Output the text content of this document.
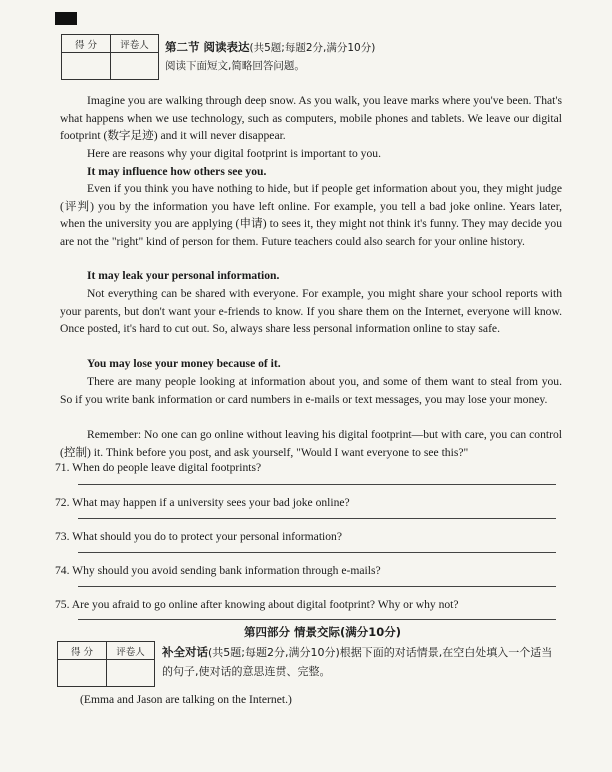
得 分	评卷人
	第二节 阅读表达(共5题;每题2分,满分10分)
阅读下面短文,简略回答问题。
Imagine you are walking through deep snow. As you walk, you leave marks where you've been. That's what happens when we use technology, such as computers, mobile phones and tablets. We leave our digital footprint (数字足迹) and it will never disappear.
Here are reasons why your digital footprint is important to you.
It may influence how others see you.
Even if you think you have nothing to hide, but if people get information about you, they might judge (评判) you by the information you have left online. For example, you tell a bad joke online. Years later, when the university you are applying (申请) to sees it, they might not think it's funny. They may decide you are not the "right" kind of person for them. Future teachers could also search for your online history.
It may leak your personal information.
Not everything can be shared with everyone. For example, you might share your school reports with your parents, but don't want your e-friends to know. If you share them on the Internet, everyone will know. Once posted, it's hard to cut out. So, always share less personal information online to stay safe.
You may lose your money because of it.
There are many people looking at information about you, and some of them want to steal from you. So if you write bank information or card numbers in e-mails or text messages, you may lose your money.
Remember: No one can go online without leaving his digital footprint—but with care, you can control (控制) it. Think before you post, and ask yourself, "Would I want everyone to see this?"
71. When do people leave digital footprints?
72. What may happen if a university sees your bad joke online?
73. What should you do to protect your personal information?
74. Why should you avoid sending bank information through e-mails?
75. Are you afraid to go online after knowing about digital footprint? Why or why not?
第四部分 情景交际(满分10分)
得 分	评卷人
	补全对话(共5题;每题2分,满分10分)根据下面的对话情景,在空白处填入一个适当的句子,使对话的意思连贯、完整。
(Emma and Jason are talking on the Internet.)
